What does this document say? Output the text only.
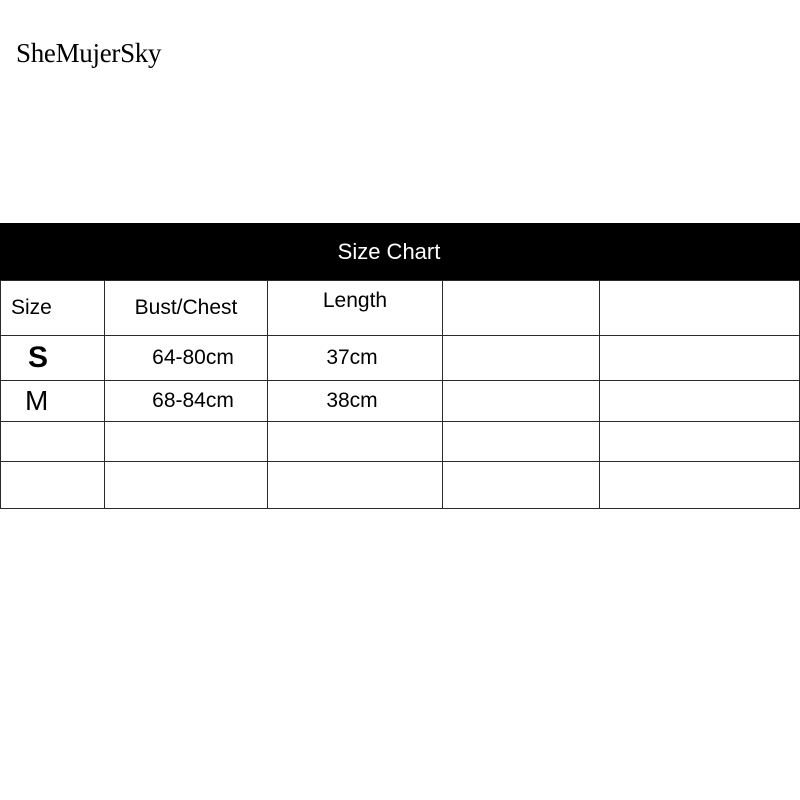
SheMujerSky
Size Chart
Size	Bust/Chest	Length		
S	64-80cm	37cm		
M	68-84cm	38cm		
